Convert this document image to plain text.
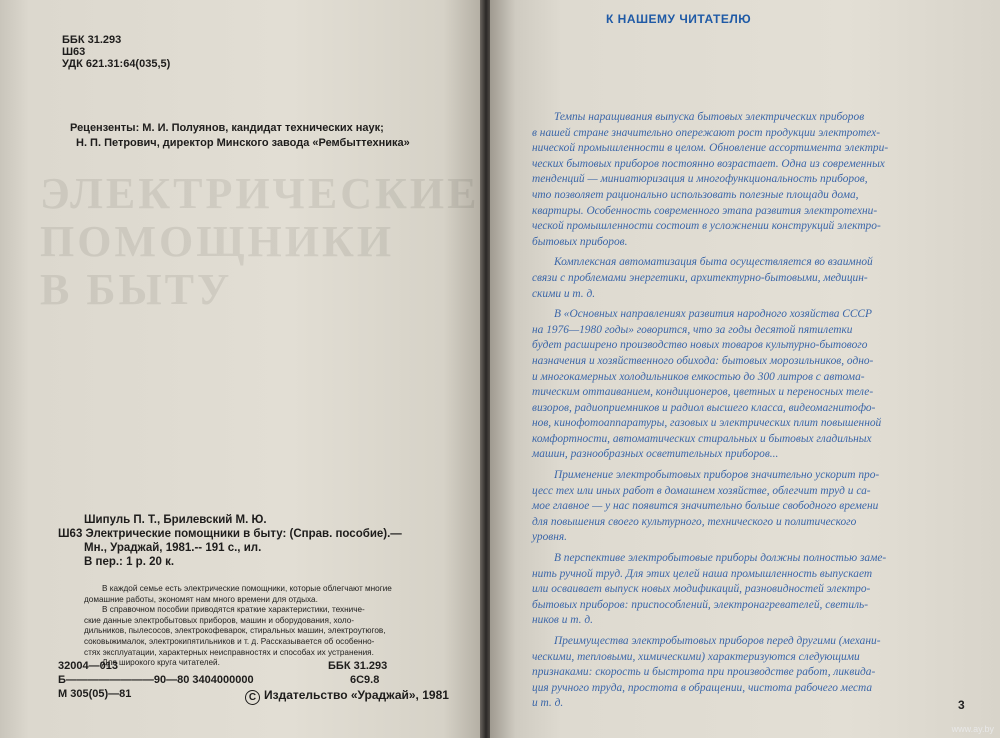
ЭЛЕКТРИЧЕСКИЕ
ПОМОЩНИКИ
В БЫТУ
ББК 31.293
Ш63
УДК 621.31:64(035,5)
Рецензенты: М. И. Полуянов, кандидат технических наук;
Н. П. Петрович, директор Минского завода «Рембыттехника»
Шипуль П. Т., Брилевский М. Ю.
Ш63 Электрические помощники в быту: (Справ. пособие).—
Мн., Ураджай, 1981.-- 191 с., ил.
В пер.: 1 р. 20 к.
В каждой семье есть электрические помощники, которые облегчают многие
домашние работы, экономят нам много времени для отдыха.
В справочном пособии приводятся краткие характеристики, техниче-
ские данные электробытовых приборов, машин и оборудования, холо-
дильников, пылесосов, электрокофеварок, стиральных машин, электроутюгов,
соковыжималок, электрокипятильников и т. д. Рассказывается об особенно-
стях эксплуатации, характерных неисправностях и способах их устранения.
Для широкого круга читателей.
32004—013
Б————————90—80 3404000000
М 305(05)—81
ББК 31.293
6С9.8
C Издательство «Ураджай», 1981
К НАШЕМУ ЧИТАТЕЛЮ
Темпы наращивания выпуска бытовых электрических приборов
в нашей стране значительно опережают рост продукции электротех-
нической промышленности в целом. Обновление ассортимента электри-
ческих бытовых приборов постоянно возрастает. Одна из современных
тенденций — миниатюризация и многофункциональность приборов,
что позволяет рационально использовать полезные площади дома,
квартиры. Особенность современного этапа развития электротехни-
ческой промышленности состоит в усложнении конструкций электро-
бытовых приборов.
Комплексная автоматизация быта осуществляется во взаимной
связи с проблемами энергетики, архитектурно-бытовыми, медицин-
скими и т. д.
В «Основных направлениях развития народного хозяйства СССР
на 1976—1980 годы» говорится, что за годы десятой пятилетки
будет расширено производство новых товаров культурно-бытового
назначения и хозяйственного обихода: бытовых морозильников, одно-
и многокамерных холодильников емкостью до 300 литров с автома-
тическим оттаиванием, кондиционеров, цветных и переносных теле-
визоров, радиоприемников и радиол высшего класса, видеомагнитофо-
нов, кинофотоаппаратуры, газовых и электрических плит повышенной
комфортности, автоматических стиральных и бытовых гладильных
машин, разнообразных осветительных приборов...
Применение электробытовых приборов значительно ускорит про-
цесс тех или иных работ в домашнем хозяйстве, облегчит труд и са-
мое главное — у нас появится значительно больше свободного времени
для повышения своего культурного, технического и политического
уровня.
В перспективе электробытовые приборы должны полностью заме-
нить ручной труд. Для этих целей наша промышленность выпускает
или осваивает выпуск новых модификаций, разновидностей электро-
бытовых приборов: приспособлений, электронагревателей, светиль-
ников и т. д.
Преимущества электробытовых приборов перед другими (механи-
ческими, тепловыми, химическими) характеризуются следующими
признаками: скорость и быстрота при производстве работ, ликвида-
ция ручного труда, простота в обращении, чистота рабочего места
и т. д.	3
www.ay.by
